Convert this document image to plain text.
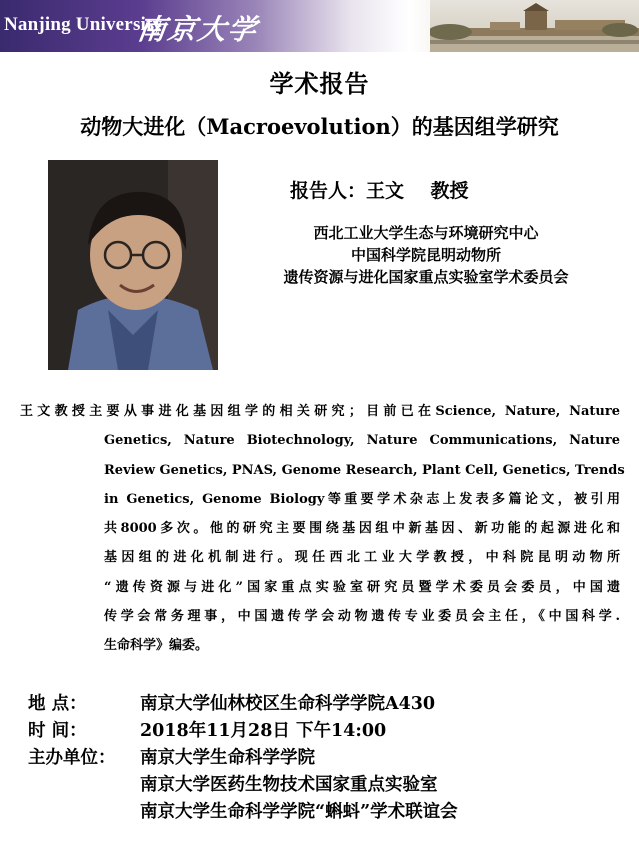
Nanjing University
南京大学
学术报告
动物大进化（Macroevolution）的基因组学研究
报告人：王文    教授
西北工业大学生态与环境研究中心
中国科学院昆明动物所
遗传资源与进化国家重点实验室学术委员会
王文教授主要从事进化基因组学的相关研究；目前已在Science, Nature, Nature
Genetics, Nature Biotechnology, Nature Communications, Nature
Review Genetics, PNAS, Genome Research, Plant Cell, Genetics, Trends
in Genetics, Genome Biology等重要学术杂志上发表多篇论文，被引用
共8000多次。他的研究主要围绕基因组中新基因、新功能的起源进化和
基因组的进化机制进行。现任西北工业大学教授，中科院昆明动物所
“遗传资源与进化”国家重点实验室研究员暨学术委员会委员，中国遗
传学会常务理事，中国遗传学会动物遗传专业委员会主任，《中国科学.
生命科学》编委。
地 点：	南京大学仙林校区生命科学学院A430
时 间：	2018年11月28日 下午14:00
主办单位： 南京大学生命科学学院
南京大学医药生物技术国家重点实验室
南京大学生命科学学院“蝌蚪”学术联谊会
